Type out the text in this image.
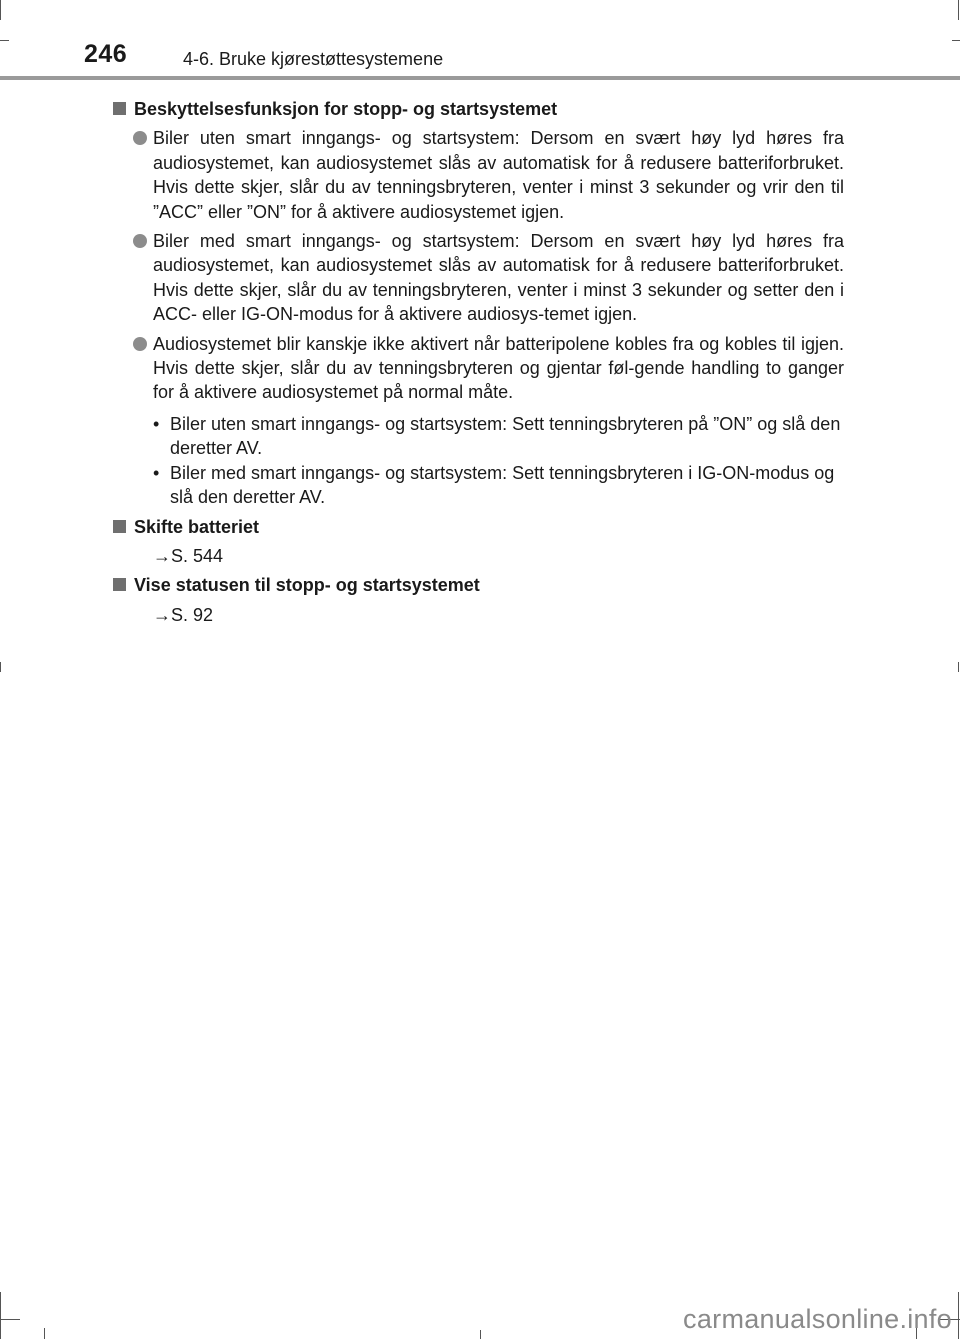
246	4-6. Bruke kjørestøttesystemene
Beskyttelsesfunksjon for stopp- og startsystemet
Biler uten smart inngangs- og startsystem: Dersom en svært høy lyd høres fra audiosystemet, kan audiosystemet slås av automatisk for å redusere batteriforbruket. Hvis dette skjer, slår du av tenningsbryteren, venter i minst 3 sekunder og vrir den til ”ACC” eller ”ON” for å aktivere audiosystemet igjen.
Biler med smart inngangs- og startsystem: Dersom en svært høy lyd høres fra audiosystemet, kan audiosystemet slås av automatisk for å redusere batteriforbruket. Hvis dette skjer, slår du av tenningsbryteren, venter i minst 3 sekunder og setter den i ACC- eller IG-ON-modus for å aktivere audiosys-temet igjen.
Audiosystemet blir kanskje ikke aktivert når batteripolene kobles fra og kobles til igjen. Hvis dette skjer, slår du av tenningsbryteren og gjentar føl-gende handling to ganger for å aktivere audiosystemet på normal måte.
• Biler uten smart inngangs- og startsystem: Sett tenningsbryteren på ”ON” og slå den deretter AV.
• Biler med smart inngangs- og startsystem: Sett tenningsbryteren i IG-ON-modus og slå den deretter AV.
Skifte batteriet
→S. 544
Vise statusen til stopp- og startsystemet
→S. 92
carmanualsonline.info
